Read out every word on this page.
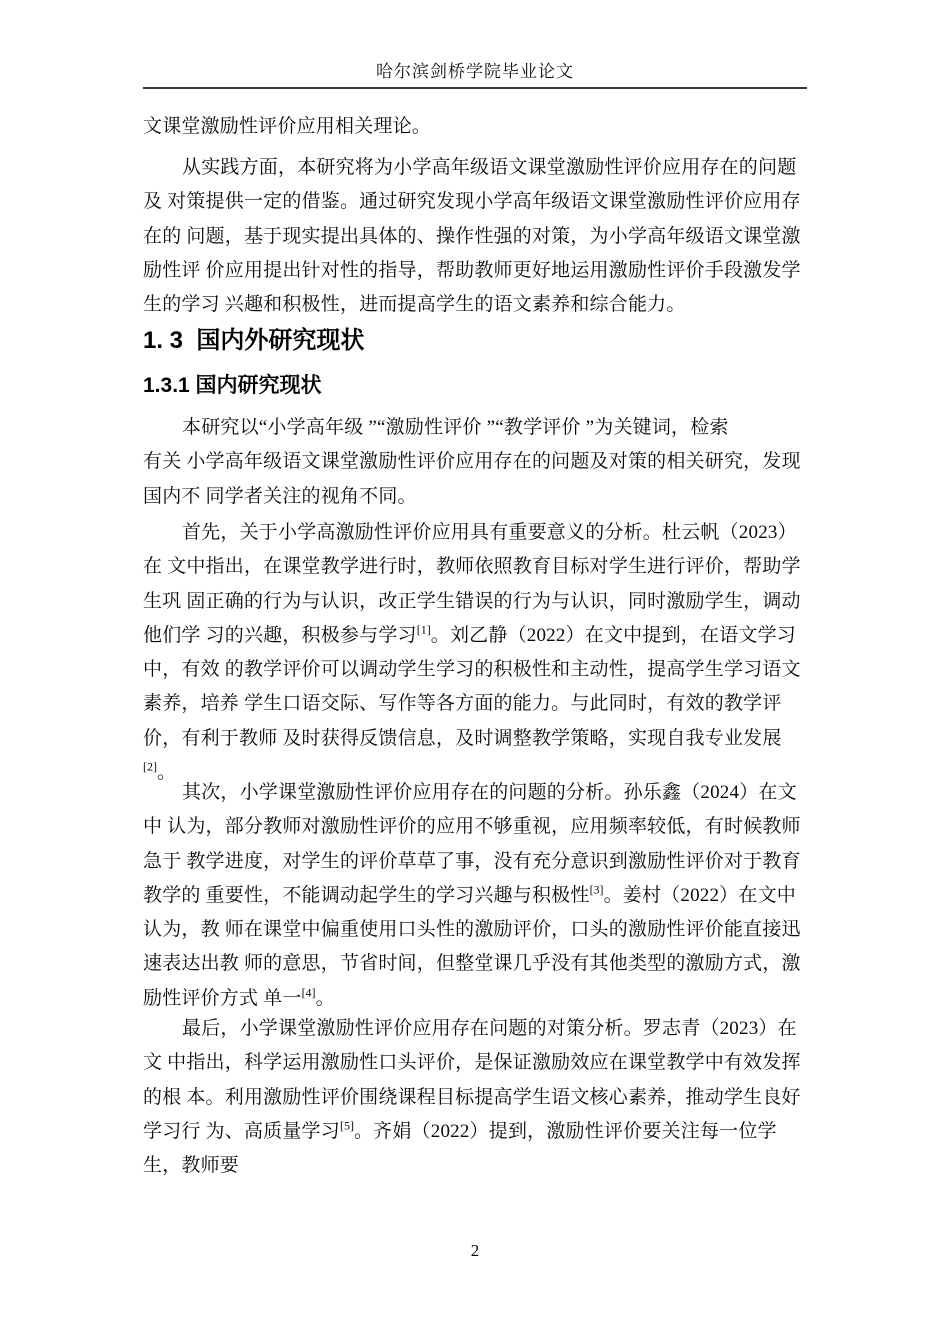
哈尔滨剑桥学院毕业论文
文课堂激励性评价应用相关理论。
从实践方面，本研究将为小学高年级语文课堂激励性评价应用存在的问题
及 对策提供一定的借鉴。通过研究发现小学高年级语文课堂激励性评价应用存
在的 问题，基于现实提出具体的、操作性强的对策，为小学高年级语文课堂激
励性评 价应用提出针对性的指导，帮助教师更好地运用激励性评价手段激发学
生的学习 兴趣和积极性，进而提高学生的语文素养和综合能力。
1. 3  国内外研究现状
1.3.1 国内研究现状
本研究以“小学高年级 ”“激励性评价 ”“教学评价 ”为关键词，检索
有关 小学高年级语文课堂激励性评价应用存在的问题及对策的相关研究，发现
国内不 同学者关注的视角不同。
首先，关于小学高激励性评价应用具有重要意义的分析。杜云帆（2023）
在 文中指出，在课堂教学进行时，教师依照教育目标对学生进行评价，帮助学
生巩 固正确的行为与认识，改正学生错误的行为与认识，同时激励学生，调动
他们学 习的兴趣，积极参与学习[1]。刘乙静（2022）在文中提到，在语文学习
中，有效 的教学评价可以调动学生学习的积极性和主动性，提高学生学习语文
素养，培养 学生口语交际、写作等各方面的能力。与此同时，有效的教学评
价，有利于教师 及时获得反馈信息，及时调整教学策略，实现自我专业发展
[2]。
其次，小学课堂激励性评价应用存在的问题的分析。孙乐鑫（2024）在文
中 认为，部分教师对激励性评价的应用不够重视，应用频率较低，有时候教师
急于 教学进度，对学生的评价草草了事，没有充分意识到激励性评价对于教育
教学的 重要性，不能调动起学生的学习兴趣与积极性[3]。姜村（2022）在文中
认为，教 师在课堂中偏重使用口头性的激励评价，口头的激励性评价能直接迅
速表达出教 师的意思，节省时间，但整堂课几乎没有其他类型的激励方式，激
励性评价方式 单一[4]。
最后，小学课堂激励性评价应用存在问题的对策分析。罗志青（2023）在
文 中指出，科学运用激励性口头评价，是保证激励效应在课堂教学中有效发挥
的根 本。利用激励性评价围绕课程目标提高学生语文核心素养，推动学生良好
学习行 为、高质量学习[5]。齐娟（2022）提到，激励性评价要关注每一位学
生，教师要
2
